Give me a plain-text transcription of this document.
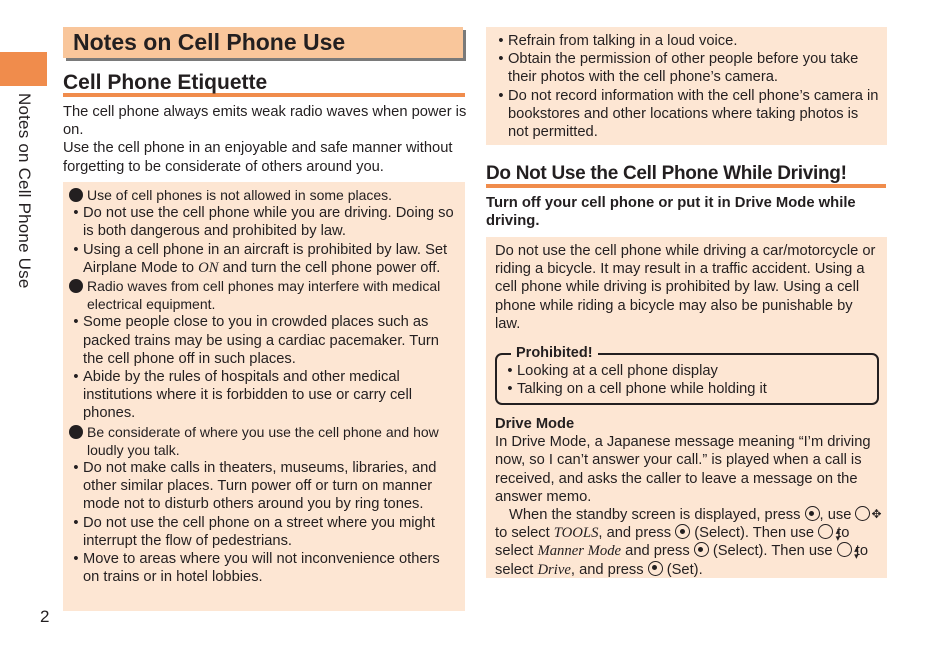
Notes on Cell Phone Use
2
Notes on Cell Phone Use
Cell Phone Etiquette

The cell phone always emits weak radio waves when power is on.

Use the cell phone in an enjoyable and safe manner without forgetting to be considerate of others around you.

Use of cell phones is not allowed in some places.
• Do not use the cell phone while you are driving. Doing so is both dangerous and prohibited by law.
• Using a cell phone in an aircraft is prohibited by law. Set Airplane Mode to ON and turn the cell phone power off.
Radio waves from cell phones may interfere with medical electrical equipment.
• Some people close to you in crowded places such as packed trains may be using a cardiac pacemaker. Turn the cell phone off in such places.
• Abide by the rules of hospitals and other medical institutions where it is forbidden to use or carry cell phones.
Be considerate of where you use the cell phone and how loudly you talk.
• Do not make calls in theaters, museums, libraries, and other similar places. Turn power off or turn on manner mode not to disturb others around you by ring tones.
• Do not use the cell phone on a street where you might interrupt the flow of pedestrians.
• Move to areas where you will not inconvenience others on trains or in hotel lobbies.
• Refrain from talking in a loud voice.
• Obtain the permission of other people before you take their photos with the cell phone’s camera.
• Do not record information with the cell phone’s camera in bookstores and other locations where taking photos is not permitted.
Do Not Use the Cell Phone While Driving!
Turn off your cell phone or put it in Drive Mode while driving.

Do not use the cell phone while driving a car/motorcycle or riding a bicycle. It may result in a traffic accident. Using a cell phone while driving is prohibited by law. Using a cell phone while riding a bicycle may also be punishable by law.

Prohibited!
• Looking at a cell phone display
• Talking on a cell phone while holding it

Drive Mode

In Drive Mode, a Japanese message meaning “I’m driving now, so I can’t answer your call.” is played when a call is received, and asks the caller to leave a message on the answer memo.

When the standby screen is displayed, press , use ✥ to select TOOLS, and press  (Select). Then use ▴ ▾ to select Manner Mode and press  (Select). Then use ▴ ▾ to select Drive, and press  (Set).
